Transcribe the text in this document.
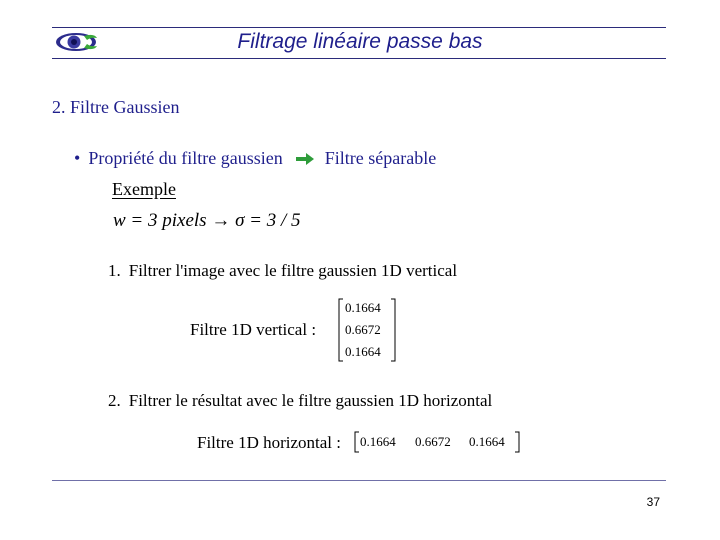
Filtrage linéaire passe bas
2. Filtre Gaussien
• Propriété du filtre gaussien Filtre séparable
Exemple
w = 3 pixels → σ = 3 / 5
1. Filtrer l'image avec le filtre gaussien 1D vertical
Filtre 1D vertical :
0.1664
0.6672
0.1664
2. Filtrer le résultat avec le filtre gaussien 1D horizontal
Filtre 1D horizontal : 0.1664 0.6672 0.1664
37
